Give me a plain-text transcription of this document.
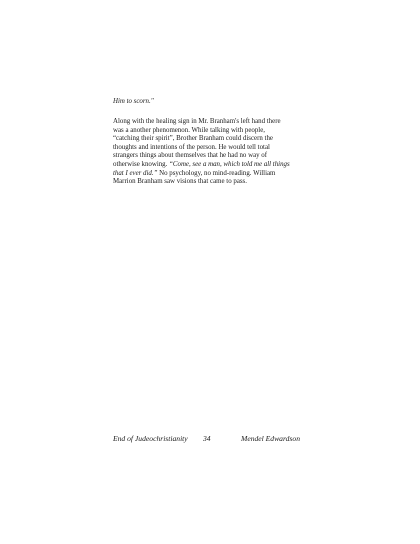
Him to scorn."
Along with the healing sign in Mr. Branham's left hand there
was a another phenomenon. While talking with people,
“catching their spirit”, Brother Branham could discern the
thoughts and intentions of the person. He would tell total
strangers things about themselves that he had no way of
otherwise knowing. “Come, see a man, which told me all things
that I ever did.” No psychology, no mind-reading. William
Marrion Branham saw visions that came to pass.
End of Judeochristianity 34	Mendel Edwardson
